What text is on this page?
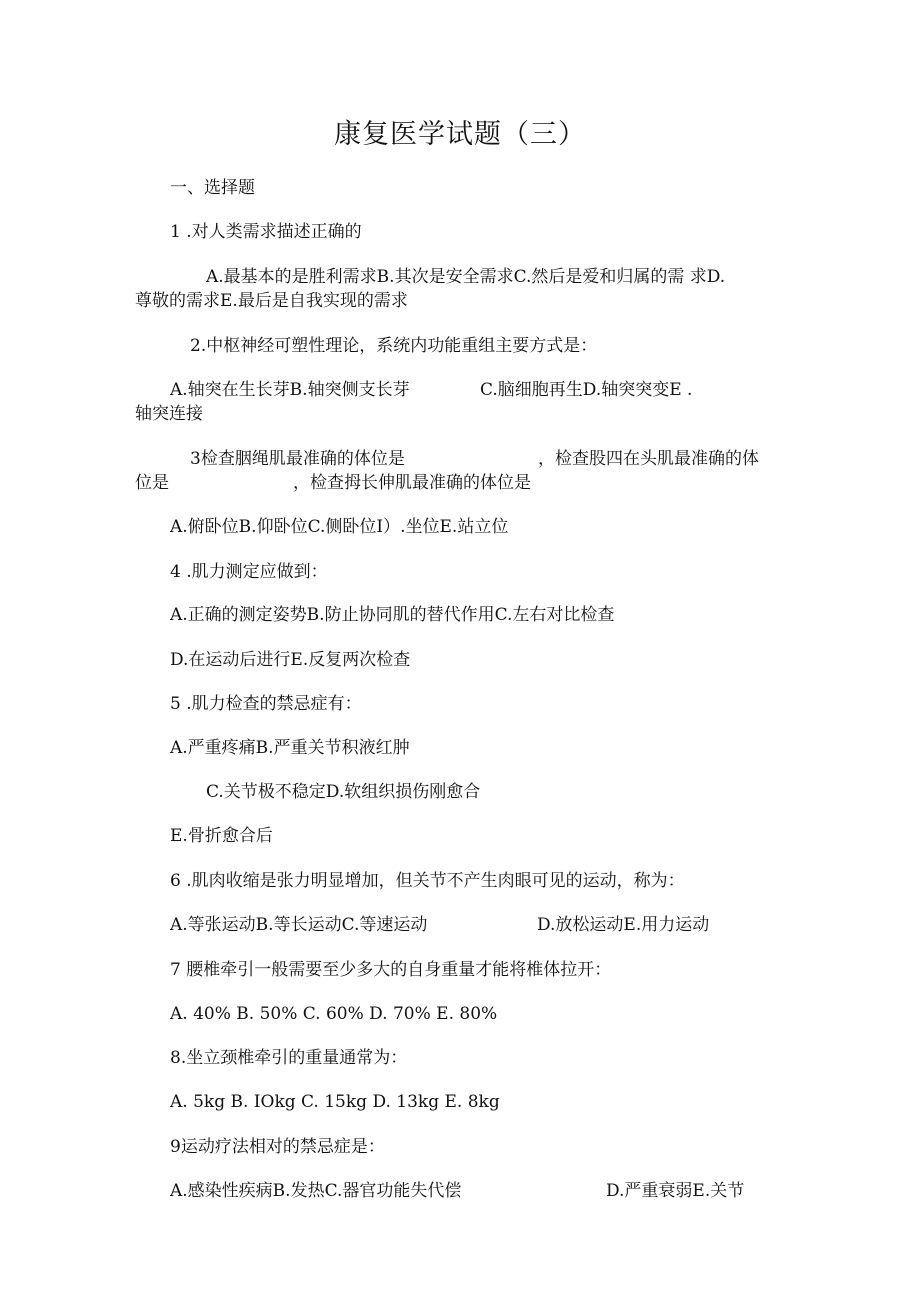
康复医学试题（三）
一、选择题
1 .对人类需求描述正确的
A.最基本的是胜利需求B.其次是安全需求C.然后是爱和归属的需 求D.
尊敬的需求E.最后是自我实现的需求
2.中枢神经可塑性理论，系统内功能重组主要方式是：
A.轴突在生长芽B.轴突侧支长芽	C.脑细胞再生D.轴突突变E .
轴突连接
3检查胭绳肌最准确的体位是	，检查股四在头肌最准确的体
位是	，检查拇长伸肌最准确的体位是
A.俯卧位B.仰卧位C.侧卧位I）.坐位E.站立位
4 .肌力测定应做到：
A.正确的测定姿势B.防止协同肌的替代作用C.左右对比检查
D.在运动后进行E.反复两次检查
5 .肌力检查的禁忌症有：
A.严重疼痛B.严重关节积液红肿
C.关节极不稳定D.软组织损伤刚愈合
E.骨折愈合后
6 .肌肉收缩是张力明显增加，但关节不产生肉眼可见的运动，称为：
A.等张运动B.等长运动C.等速运动	D.放松运动E.用力运动
7 腰椎牵引一般需要至少多大的自身重量才能将椎体拉开：
A. 40% B. 50% C. 60% D. 70% E. 80%
8.坐立颈椎牵引的重量通常为：
A. 5kg B. IOkg C. 15kg D. 13kg E. 8kg
9运动疗法相对的禁忌症是：
A.感染性疾病B.发热C.器官功能失代偿	D.严重衰弱E.关节
